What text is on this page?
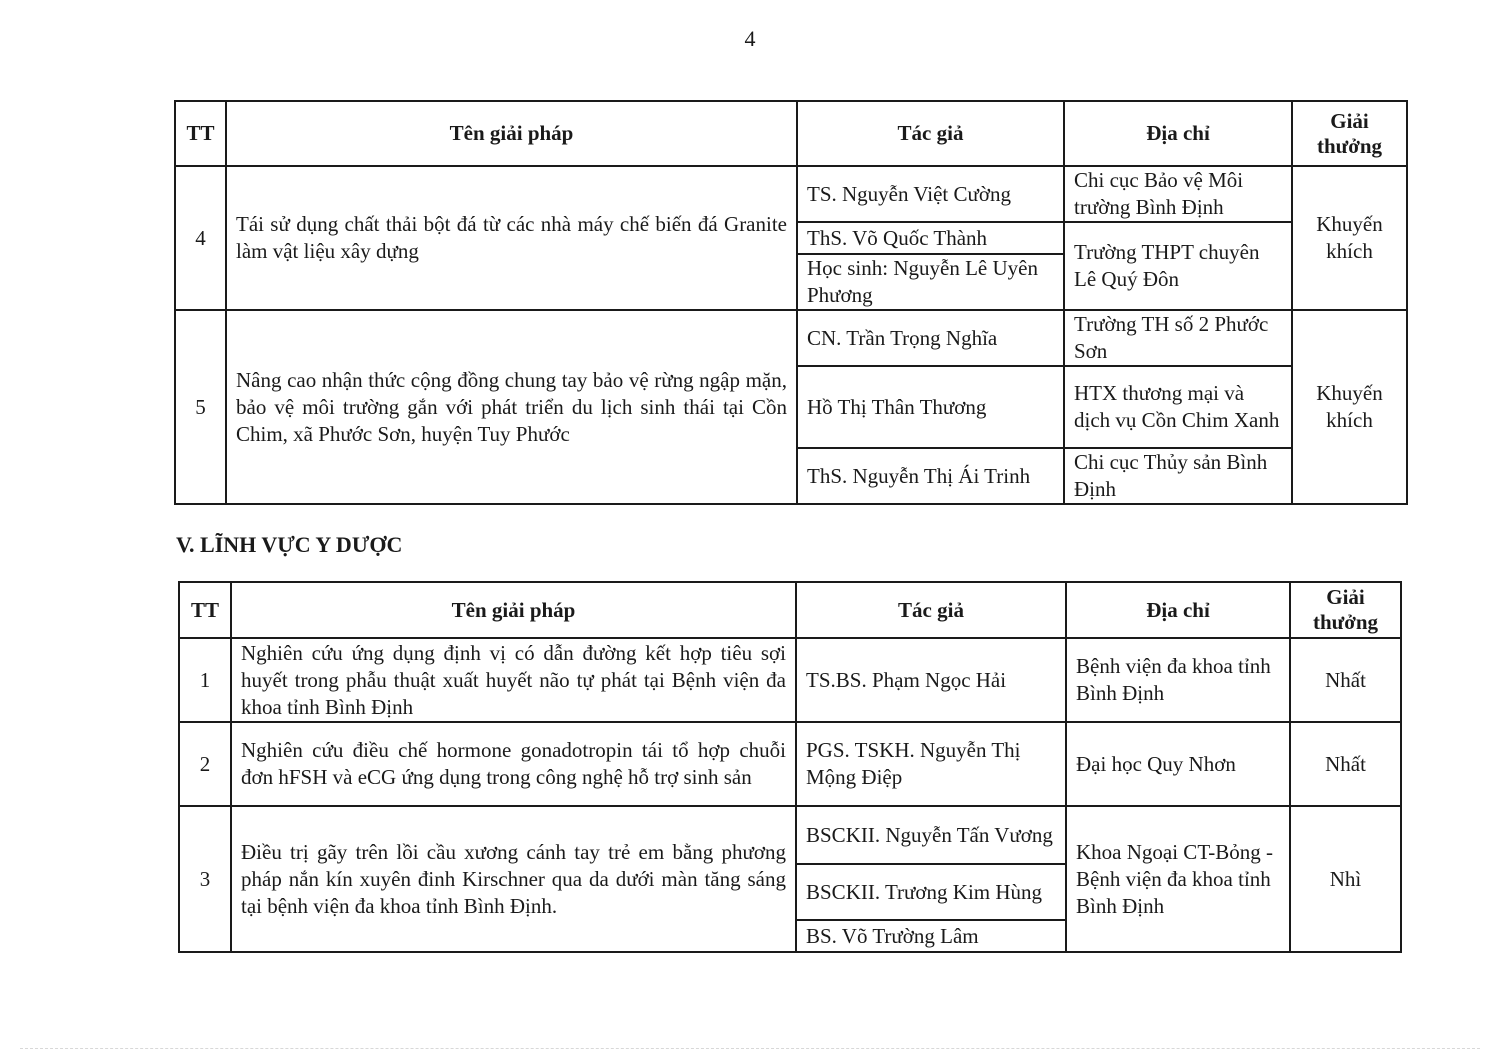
4
TT	Tên giải pháp	Tác giả	Địa chỉ	Giải thưởng
4	Tái sử dụng chất thải bột đá từ các nhà máy chế biến đá Granite làm vật liệu xây dựng	TS. Nguyễn Việt Cường	Chi cục Bảo vệ Môi trường Bình Định	Khuyến khích
		ThS. Võ Quốc Thành	Trường THPT chuyên Lê Quý Đôn	
		Học sinh: Nguyễn Lê Uyên Phương		
5	Nâng cao nhận thức cộng đồng chung tay bảo vệ rừng ngập mặn, bảo vệ môi trường gắn với phát triển du lịch sinh thái tại Cồn Chim, xã Phước Sơn, huyện Tuy Phước	CN. Trần Trọng Nghĩa	Trường TH số 2 Phước Sơn	Khuyến khích
		Hồ Thị Thân Thương	HTX thương mại và dịch vụ Cồn Chim Xanh	
		ThS. Nguyễn Thị Ái Trinh	Chi cục Thủy sản Bình Định	
V. LĨNH VỰC Y DƯỢC
TT	Tên giải pháp	Tác giả	Địa chỉ	Giải thưởng
1	Nghiên cứu ứng dụng định vị có dẫn đường kết hợp tiêu sợi huyết trong phẫu thuật xuất huyết não tự phát tại Bệnh viện đa khoa tỉnh Bình Định	TS.BS. Phạm Ngọc Hải	Bệnh viện đa khoa tỉnh Bình Định	Nhất
2	Nghiên cứu điều chế hormone gonadotropin tái tổ hợp chuỗi đơn hFSH và eCG ứng dụng trong công nghệ hỗ trợ sinh sản	PGS. TSKH. Nguyễn Thị Mộng Điệp	Đại học Quy Nhơn	Nhất
3	Điều trị gãy trên lồi cầu xương cánh tay trẻ em bằng phương pháp nắn kín xuyên đinh Kirschner qua da dưới màn tăng sáng tại bệnh viện đa khoa tỉnh Bình Định.	BSCKII. Nguyễn Tấn Vương	Khoa Ngoại CT-Bỏng - Bệnh viện đa khoa tỉnh Bình Định	Nhì
		BSCKII. Trương Kim Hùng		
		BS. Võ Trường Lâm		
